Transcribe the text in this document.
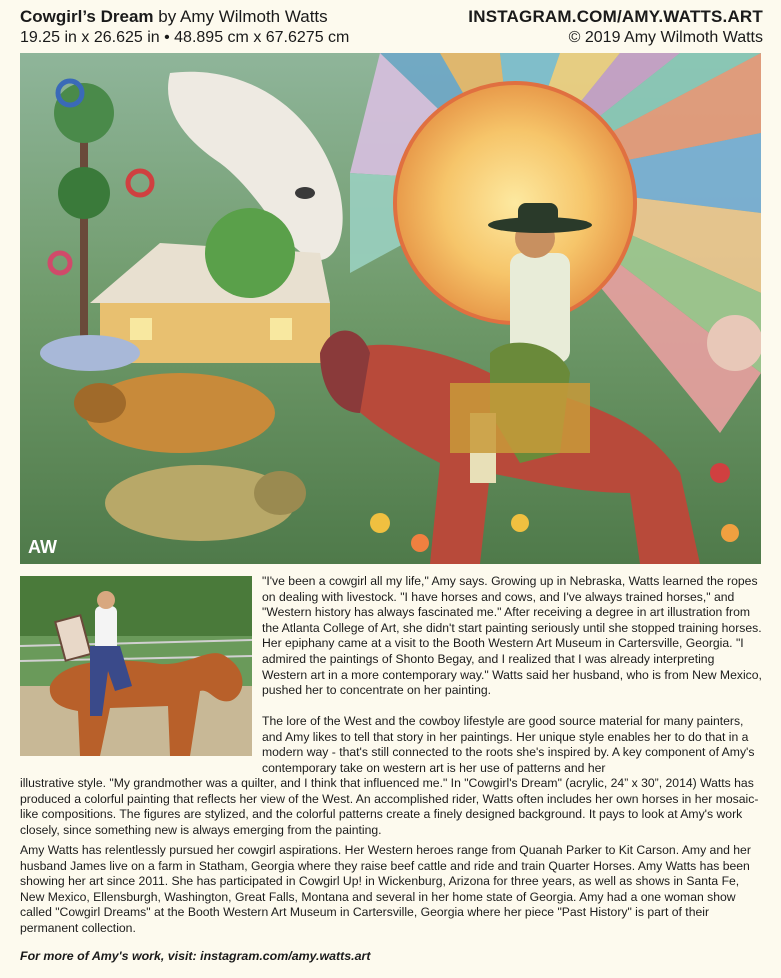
Cowgirl’s Dream by Amy Wilmoth Watts
19.25 in x 26.625 in • 48.895 cm x 67.6275 cm
INSTAGRAM.COM/AMY.WATTS.ART
© 2019 Amy Wilmoth Watts
AW
"I've been a cowgirl all my life," Amy says. Growing up in Nebraska, Watts learned the ropes on dealing with livestock. "I have horses and cows, and I've always trained horses," and "Western history has always fascinated me." After receiving a degree in art illustration from the Atlanta College of Art, she didn't start painting seriously until she stopped training horses. Her epiphany came at a visit to the Booth Western Art Museum in Cartersville, Georgia. "I admired the paintings of Shonto Begay, and I realized that I was already interpreting Western art in a more contemporary way." Watts said her husband, who is from New Mexico, pushed her to concentrate on her painting.
The lore of the West and the cowboy lifestyle are good source material for many painters, and Amy likes to tell that story in her paintings. Her unique style enables her to do that in a modern way - that's still connected to the roots she's inspired by. A key component of Amy's contemporary take on western art is her use of patterns and her
illustrative style. "My grandmother was a quilter, and I think that influenced me." In "Cowgirl's Dream" (acrylic, 24” x 30”, 2014) Watts has produced a colorful painting that reflects her view of the West. An accomplished rider, Watts often includes her own horses in her mosaic-like compositions. The figures are stylized, and the colorful patterns create a finely designed background. It pays to look at Amy's work closely, since something new is always emerging from the painting.
Amy Watts has relentlessly pursued her cowgirl aspirations. Her Western heroes range from Quanah Parker to Kit Carson. Amy and her husband James live on a farm in Statham, Georgia where they raise beef cattle and ride and train Quarter Horses. Amy Watts has been showing her art since 2011. She has participated in Cowgirl Up! in Wickenburg, Arizona for three years, as well as shows in Santa Fe, New Mexico, Ellensburgh, Washington, Great Falls, Montana and several in her home state of Georgia. Amy had a one woman show called "Cowgirl Dreams" at the Booth Western Art Museum in Cartersville, Georgia where her piece "Past History" is part of their permanent collection.
For more of Amy's work, visit: instagram.com/amy.watts.art
